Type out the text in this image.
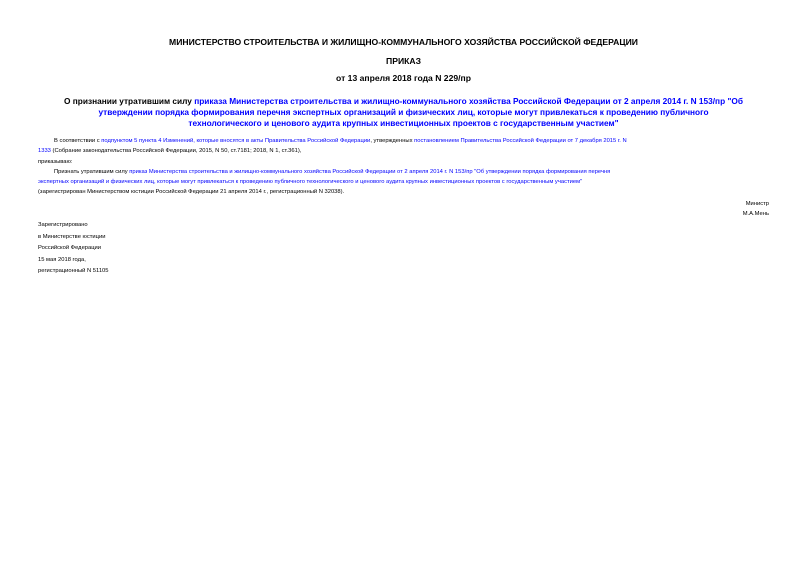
МИНИСТЕРСТВО СТРОИТЕЛЬСТВА И ЖИЛИЩНО-КОММУНАЛЬНОГО ХОЗЯЙСТВА РОССИЙСКОЙ ФЕДЕРАЦИИ
ПРИКАЗ
от 13 апреля 2018 года N 229/пр
О признании утратившим силу приказа Министерства строительства и жилищно-коммунального хозяйства Российской Федерации от 2 апреля 2014 г. N 153/пр "Об
утверждении порядка формирования перечня экспертных организаций и физических лиц, которые могут привлекаться к проведению публичного
технологического и ценового аудита крупных инвестиционных проектов с государственным участием"
В соответствии с подпунктом 5 пункта 4 Изменений, которые вносятся в акты Правительства Российской Федерации, утвержденных постановлением Правительства Российской Федерации от 7 декабря 2015 г. N
1333 (Собрание законодательства Российской Федерации, 2015, N 50, ст.7181; 2018, N 1, ст.361),
приказываю:
Признать утратившим силу приказ Министерства строительства и жилищно-коммунального хозяйства Российской Федерации от 2 апреля 2014 г. N 153/пр "Об утверждении порядка формирования перечня
экспертных организаций и физических лиц, которые могут привлекаться к проведению публичного технологического и ценового аудита крупных инвестиционных проектов с государственным участием"
(зарегистрирован Министерством юстиции Российской Федерации 21 апреля 2014 г., регистрационный N 32038).
Министр
М.А.Мень
Зарегистрировано
в Министерстве юстиции
Российской Федерации
15 мая 2018 года,
регистрационный N 51105
